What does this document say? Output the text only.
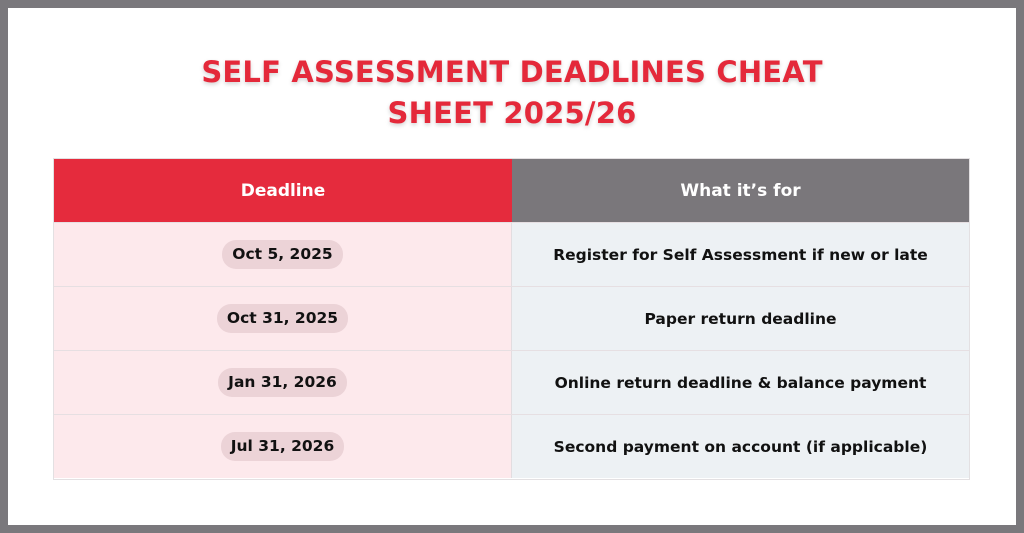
SELF ASSESSMENT DEADLINES CHEAT
SHEET 2025/26
Deadline	What it’s for
Oct 5, 2025	Register for Self Assessment if new or late
Oct 31, 2025	Paper return deadline
Jan 31, 2026	Online return deadline & balance payment
Jul 31, 2026	Second payment on account (if applicable)
